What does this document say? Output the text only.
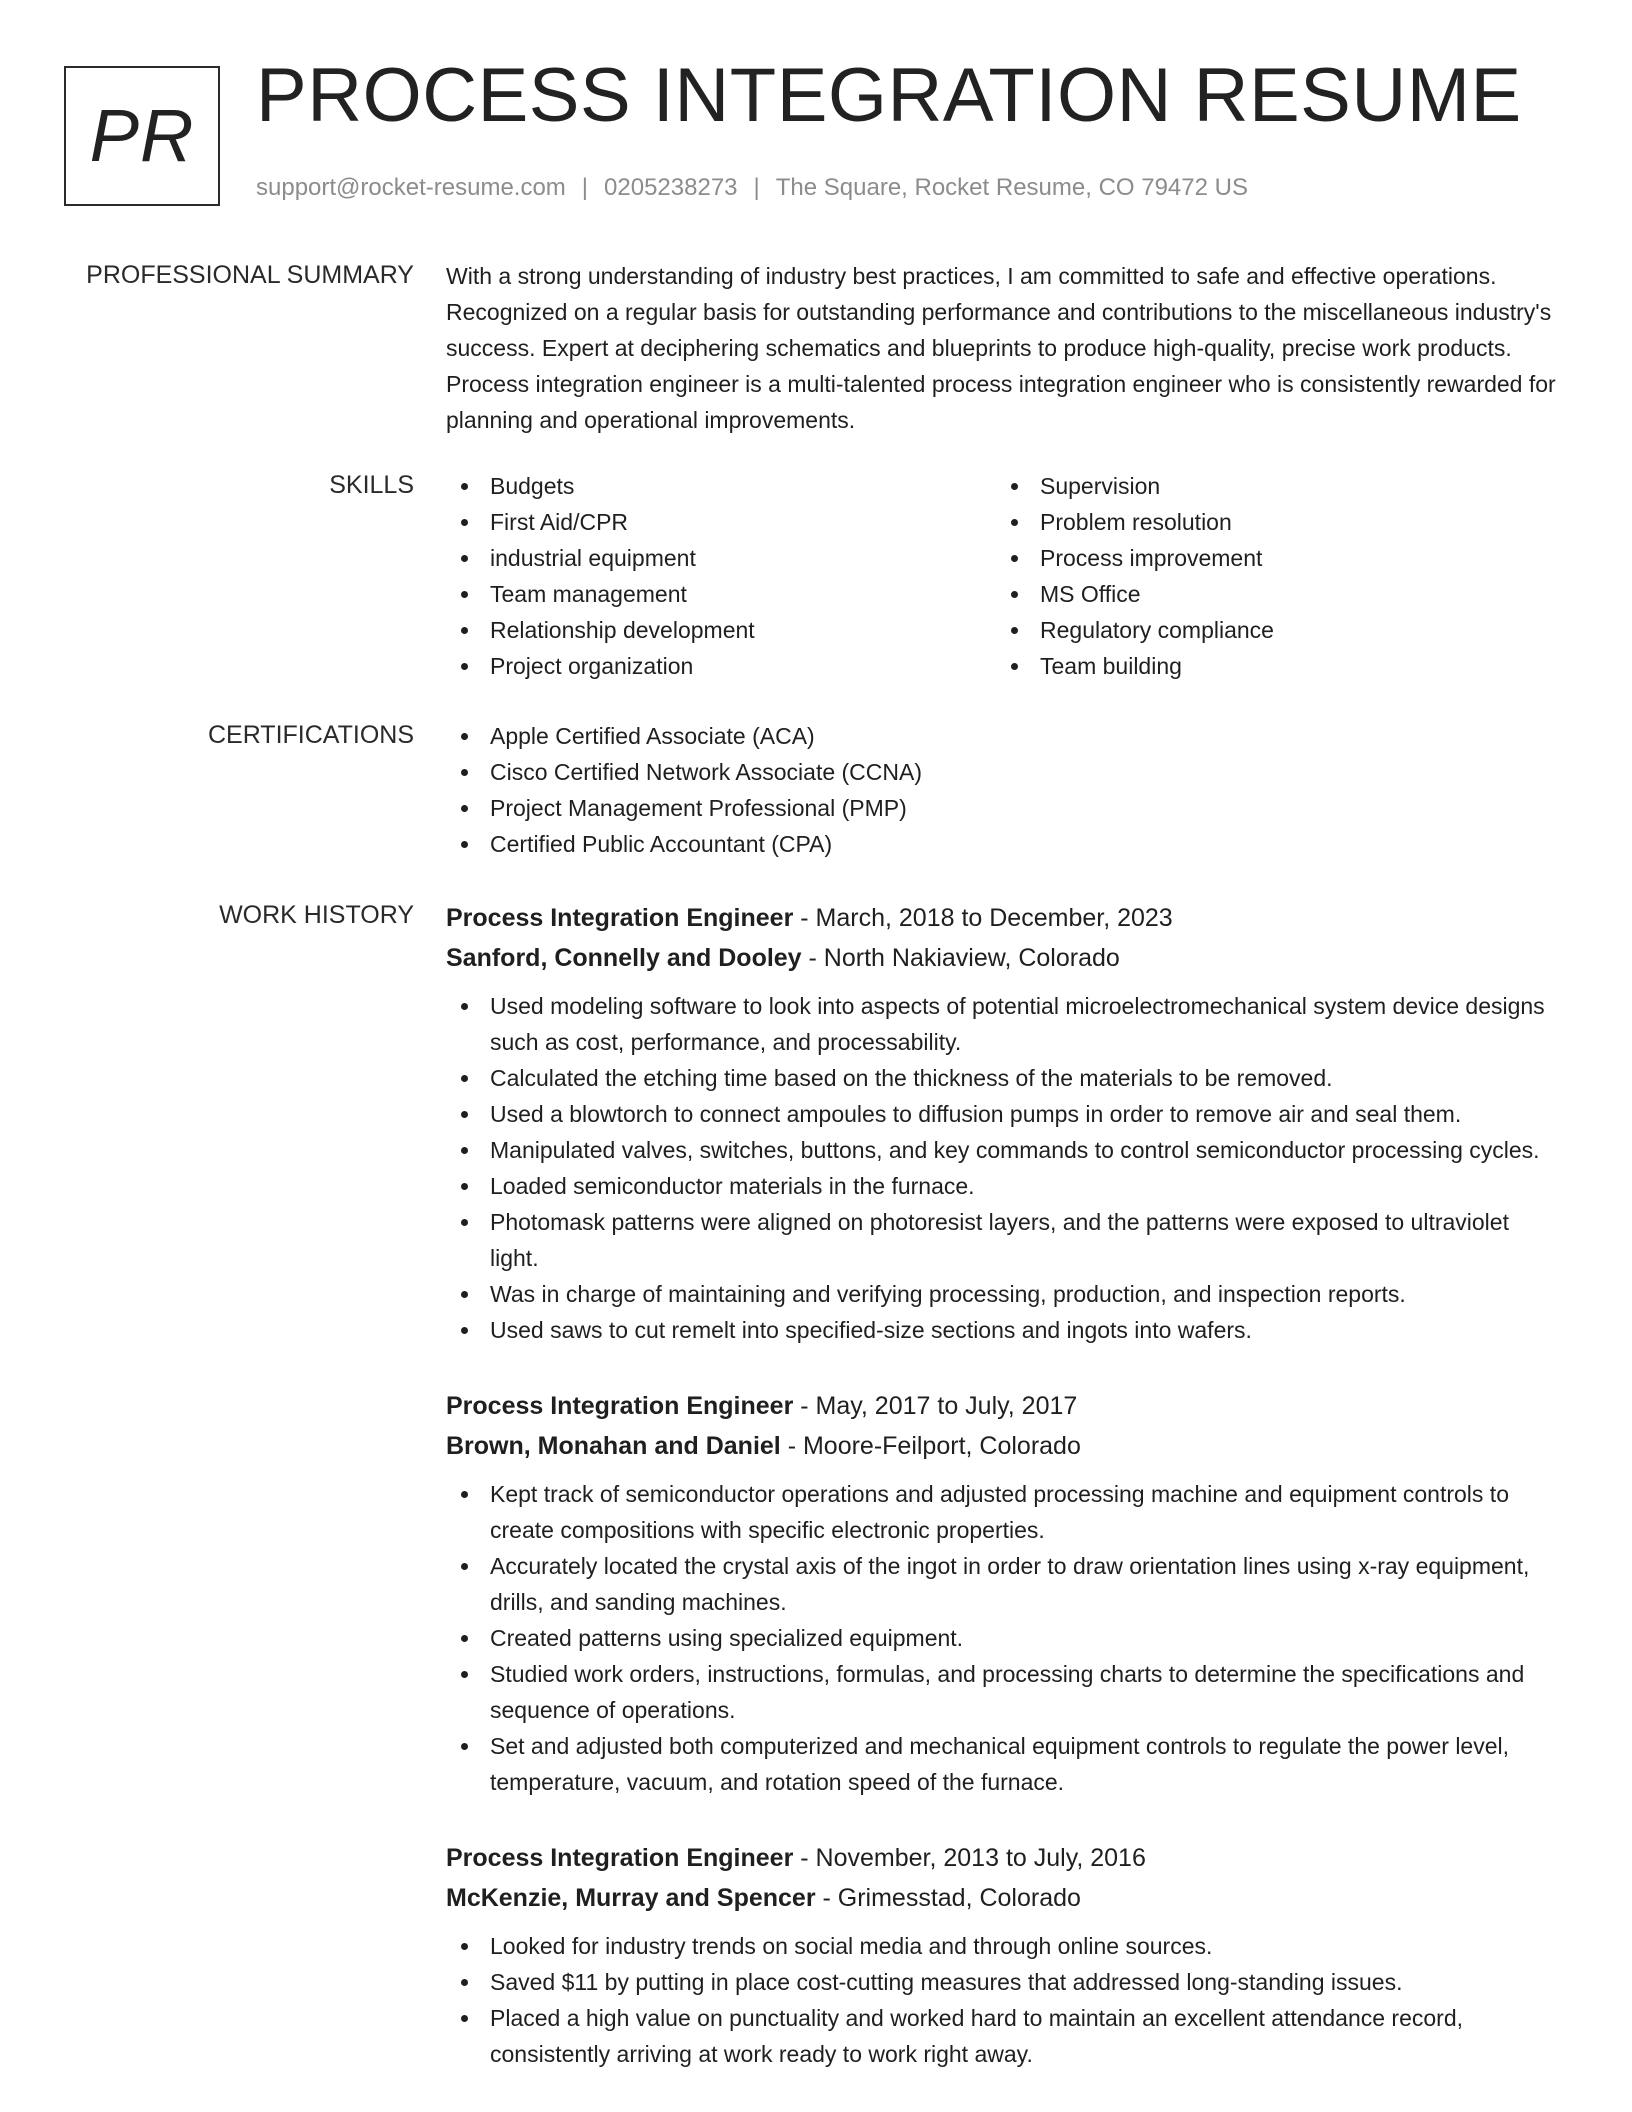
PR PROCESS INTEGRATION RESUME
support@rocket-resume.com | 0205238273 | The Square, Rocket Resume, CO 79472 US
PROFESSIONAL SUMMARY With a strong understanding of industry best practices, I am committed to safe and effective operations. Recognized on a regular basis for outstanding performance and contributions to the miscellaneous industry's success. Expert at deciphering schematics and blueprints to produce high-quality, precise work products. Process integration engineer is a multi-talented process integration engineer who is consistently rewarded for planning and operational improvements.

SKILLS	Budgets
First Aid/CPR
industrial equipment
Team management
Relationship development
Project organization
Supervision
Problem resolution
Process improvement
MS Office
Regulatory compliance
Team building
CERTIFICATIONS	Apple Certified Associate (ACA)
Cisco Certified Network Associate (CCNA)
Project Management Professional (PMP)
Certified Public Accountant (CPA)
WORK HISTORY Process Integration Engineer - March, 2018 to December, 2023
Sanford, Connelly and Dooley - North Nakiaview, Colorado
Used modeling software to look into aspects of potential microelectromechanical system device designs such as cost, performance, and processability.
Calculated the etching time based on the thickness of the materials to be removed.
Used a blowtorch to connect ampoules to diffusion pumps in order to remove air and seal them.
Manipulated valves, switches, buttons, and key commands to control semiconductor processing cycles.
Loaded semiconductor materials in the furnace.
Photomask patterns were aligned on photoresist layers, and the patterns were exposed to ultraviolet light.
Was in charge of maintaining and verifying processing, production, and inspection reports.
Used saws to cut remelt into specified-size sections and ingots into wafers.
Process Integration Engineer - May, 2017 to July, 2017
Brown, Monahan and Daniel - Moore-Feilport, Colorado
Kept track of semiconductor operations and adjusted processing machine and equipment controls to create compositions with specific electronic properties.
Accurately located the crystal axis of the ingot in order to draw orientation lines using x-ray equipment, drills, and sanding machines.
Created patterns using specialized equipment.
Studied work orders, instructions, formulas, and processing charts to determine the specifications and sequence of operations.
Set and adjusted both computerized and mechanical equipment controls to regulate the power level, temperature, vacuum, and rotation speed of the furnace.
Process Integration Engineer - November, 2013 to July, 2016
McKenzie, Murray and Spencer - Grimesstad, Colorado
Looked for industry trends on social media and through online sources.
Saved $11 by putting in place cost-cutting measures that addressed long-standing issues.
Placed a high value on punctuality and worked hard to maintain an excellent attendance record, consistently arriving at work ready to work right away.
